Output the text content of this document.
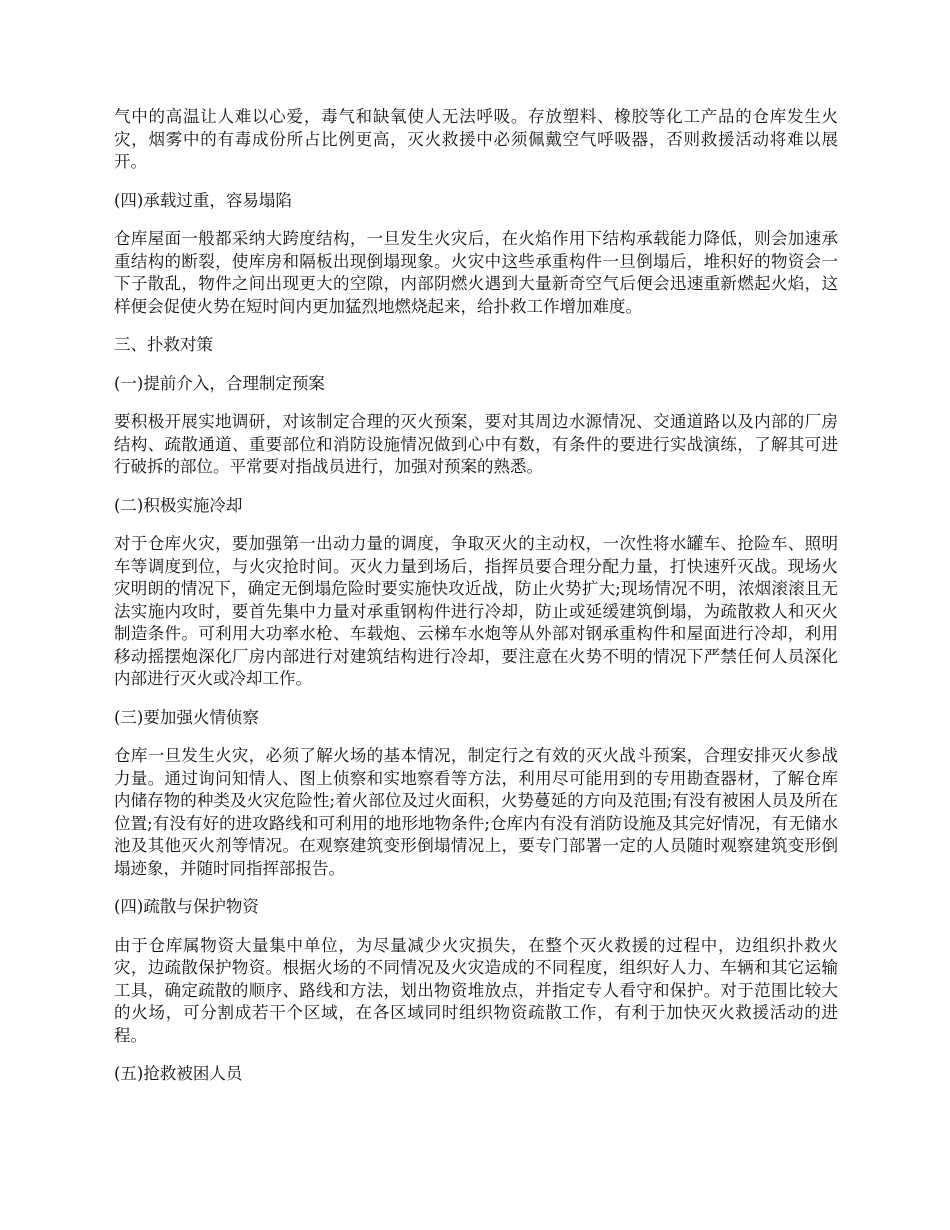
气中的高温让人难以心爱，毒气和缺氧使人无法呼吸。存放塑料、橡胶等化工产品的仓库发生火灾，烟雾中的有毒成份所占比例更高，灭火救援中必须佩戴空气呼吸器，否则救援活动将难以展开。

(四)承载过重，容易塌陷

仓库屋面一般都采纳大跨度结构，一旦发生火灾后，在火焰作用下结构承载能力降低，则会加速承重结构的断裂，使库房和隔板出现倒塌现象。火灾中这些承重构件一旦倒塌后，堆积好的物资会一下子散乱，物件之间出现更大的空隙，内部阴燃火遇到大量新奇空气后便会迅速重新燃起火焰，这样便会促使火势在短时间内更加猛烈地燃烧起来，给扑救工作增加难度。

三、扑救对策

(一)提前介入，合理制定预案

要积极开展实地调研，对该制定合理的灭火预案，要对其周边水源情况、交通道路以及内部的厂房结构、疏散通道、重要部位和消防设施情况做到心中有数，有条件的要进行实战演练，了解其可进行破拆的部位。平常要对指战员进行，加强对预案的熟悉。

(二)积极实施冷却

对于仓库火灾，要加强第一出动力量的调度，争取灭火的主动权，一次性将水罐车、抢险车、照明车等调度到位，与火灾抢时间。灭火力量到场后，指挥员要合理分配力量，打快速歼灭战。现场火灾明朗的情况下，确定无倒塌危险时要实施快攻近战，防止火势扩大;现场情况不明，浓烟滚滚且无法实施内攻时，要首先集中力量对承重钢构件进行冷却，防止或延缓建筑倒塌，为疏散救人和灭火制造条件。可利用大功率水枪、车载炮、云梯车水炮等从外部对钢承重构件和屋面进行冷却，利用移动摇摆炮深化厂房内部进行对建筑结构进行冷却，要注意在火势不明的情况下严禁任何人员深化内部进行灭火或冷却工作。

(三)要加强火情侦察

仓库一旦发生火灾，必须了解火场的基本情况，制定行之有效的灭火战斗预案，合理安排灭火参战力量。通过询问知情人、图上侦察和实地察看等方法，利用尽可能用到的专用勘查器材，了解仓库内储存物的种类及火灾危险性;着火部位及过火面积，火势蔓延的方向及范围;有没有被困人员及所在位置;有没有好的进攻路线和可利用的地形地物条件;仓库内有没有消防设施及其完好情况，有无储水池及其他灭火剂等情况。在观察建筑变形倒塌情况上，要专门部署一定的人员随时观察建筑变形倒塌迹象，并随时同指挥部报告。

(四)疏散与保护物资

由于仓库属物资大量集中单位，为尽量减少火灾损失，在整个灭火救援的过程中，边组织扑救火灾，边疏散保护物资。根据火场的不同情况及火灾造成的不同程度，组织好人力、车辆和其它运输工具，确定疏散的顺序、路线和方法，划出物资堆放点，并指定专人看守和保护。对于范围比较大的火场，可分割成若干个区域，在各区域同时组织物资疏散工作，有利于加快灭火救援活动的进程。

(五)抢救被困人员
